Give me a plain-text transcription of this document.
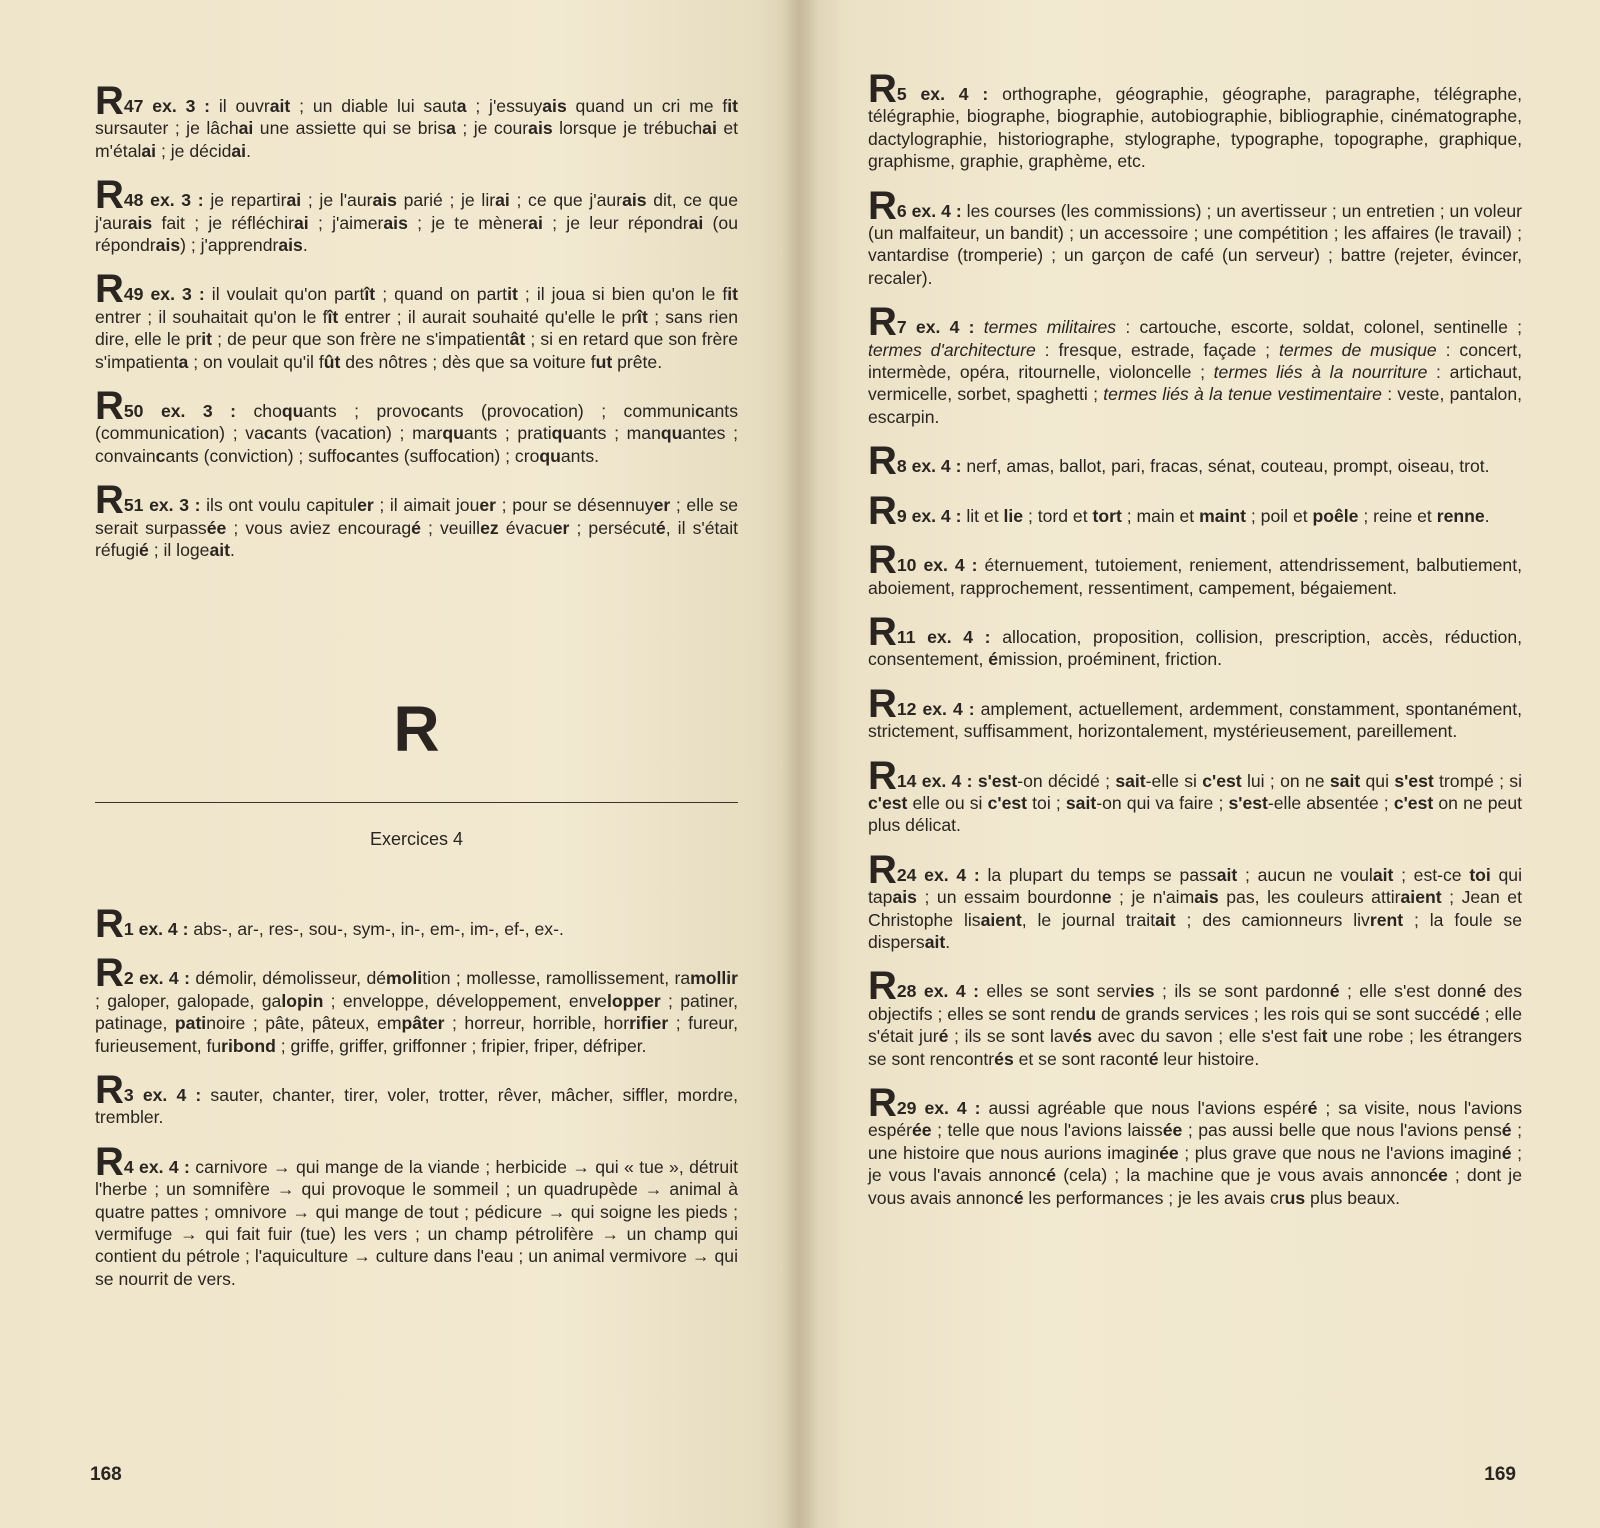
R47 ex. 3 : il ouvrait ; un diable lui sauta ; j'essuyais quand un cri me fit sursauter ; je lâchai une assiette qui se brisa ; je courais lorsque je trébuchai et m'étalai ; je décidai.

R48 ex. 3 : je repartirai ; je l'aurais parié ; je lirai ; ce que j'aurais dit, ce que j'aurais fait ; je réfléchirai ; j'aimerais ; je te mènerai ; je leur répondrai (ou répondrais) ; j'apprendrais.

R49 ex. 3 : il voulait qu'on partît ; quand on partit ; il joua si bien qu'on le fit entrer ; il souhaitait qu'on le fît entrer ; il aurait souhaité qu'elle le prît ; sans rien dire, elle le prit ; de peur que son frère ne s'impatientât ; si en retard que son frère s'impatienta ; on voulait qu'il fût des nôtres ; dès que sa voiture fut prête.

R50 ex. 3 : choquants ; provocants (provocation) ; communicants (communication) ; vacants (vacation) ; marquants ; pratiquants ; manquantes ; convaincants (conviction) ; suffocantes (suffocation) ; croquants.

R51 ex. 3 : ils ont voulu capituler ; il aimait jouer ; pour se désennuyer ; elle se serait surpassée ; vous aviez encouragé ; veuillez évacuer ; persécuté, il s'était réfugié ; il logeait.

R
Exercices 4

R1 ex. 4 : abs-, ar-, res-, sou-, sym-, in-, em-, im-, ef-, ex-.

R2 ex. 4 : démolir, démolisseur, démolition ; mollesse, ramollissement, ramollir ; galoper, galopade, galopin ; enveloppe, développement, envelopper ; patiner, patinage, patinoire ; pâte, pâteux, empâter ; horreur, horrible, horrifier ; fureur, furieusement, furibond ; griffe, griffer, griffonner ; fripier, friper, défriper.

R3 ex. 4 : sauter, chanter, tirer, voler, trotter, rêver, mâcher, siffler, mordre, trembler.

R4 ex. 4 : carnivore → qui mange de la viande ; herbicide → qui « tue », détruit l'herbe ; un somnifère → qui provoque le sommeil ; un quadrupède → animal à quatre pattes ; omnivore → qui mange de tout ; pédicure → qui soigne les pieds ; vermifuge → qui fait fuir (tue) les vers ; un champ pétrolifère → un champ qui contient du pétrole ; l'aquiculture → culture dans l'eau ; un animal vermivore → qui se nourrit de vers.

168

R5 ex. 4 : orthographe, géographie, géographe, paragraphe, télégraphe, télégraphie, biographe, biographie, autobiographie, bibliographie, cinématographe, dactylographie, historiographe, stylographe, typographe, topographe, graphique, graphisme, graphie, graphème, etc.

R6 ex. 4 : les courses (les commissions) ; un avertisseur ; un entretien ; un voleur (un malfaiteur, un bandit) ; un accessoire ; une compétition ; les affaires (le travail) ; vantardise (tromperie) ; un garçon de café (un serveur) ; battre (rejeter, évincer, recaler).

R7 ex. 4 : termes militaires : cartouche, escorte, soldat, colonel, sentinelle ; termes d'architecture : fresque, estrade, façade ; termes de musique : concert, intermède, opéra, ritournelle, violoncelle ; termes liés à la nourriture : artichaut, vermicelle, sorbet, spaghetti ; termes liés à la tenue vestimentaire : veste, pantalon, escarpin.

R8 ex. 4 : nerf, amas, ballot, pari, fracas, sénat, couteau, prompt, oiseau, trot.

R9 ex. 4 : lit et lie ; tord et tort ; main et maint ; poil et poêle ; reine et renne.

R10 ex. 4 : éternuement, tutoiement, reniement, attendrissement, balbutiement, aboiement, rapprochement, ressentiment, campement, bégaiement.

R11 ex. 4 : allocation, proposition, collision, prescription, accès, réduction, consentement, émission, proéminent, friction.

R12 ex. 4 : amplement, actuellement, ardemment, constamment, spontanément, strictement, suffisamment, horizontalement, mystérieusement, pareillement.

R14 ex. 4 : s'est-on décidé ; sait-elle si c'est lui ; on ne sait qui s'est trompé ; si c'est elle ou si c'est toi ; sait-on qui va faire ; s'est-elle absentée ; c'est on ne peut plus délicat.

R24 ex. 4 : la plupart du temps se passait ; aucun ne voulait ; est-ce toi qui tapais ; un essaim bourdonne ; je n'aimais pas, les couleurs attiraient ; Jean et Christophe lisaient, le journal traitait ; des camionneurs livrent ; la foule se dispersait.

R28 ex. 4 : elles se sont servies ; ils se sont pardonné ; elle s'est donné des objectifs ; elles se sont rendu de grands services ; les rois qui se sont succédé ; elle s'était juré ; ils se sont lavés avec du savon ; elle s'est fait une robe ; les étrangers se sont rencontrés et se sont raconté leur histoire.

R29 ex. 4 : aussi agréable que nous l'avions espéré ; sa visite, nous l'avions espérée ; telle que nous l'avions laissée ; pas aussi belle que nous l'avions pensé ; une histoire que nous aurions imaginée ; plus grave que nous ne l'avions imaginé ; je vous l'avais annoncé (cela) ; la machine que je vous avais annoncée ; dont je vous avais annoncé les performances ; je les avais crus plus beaux.

169
